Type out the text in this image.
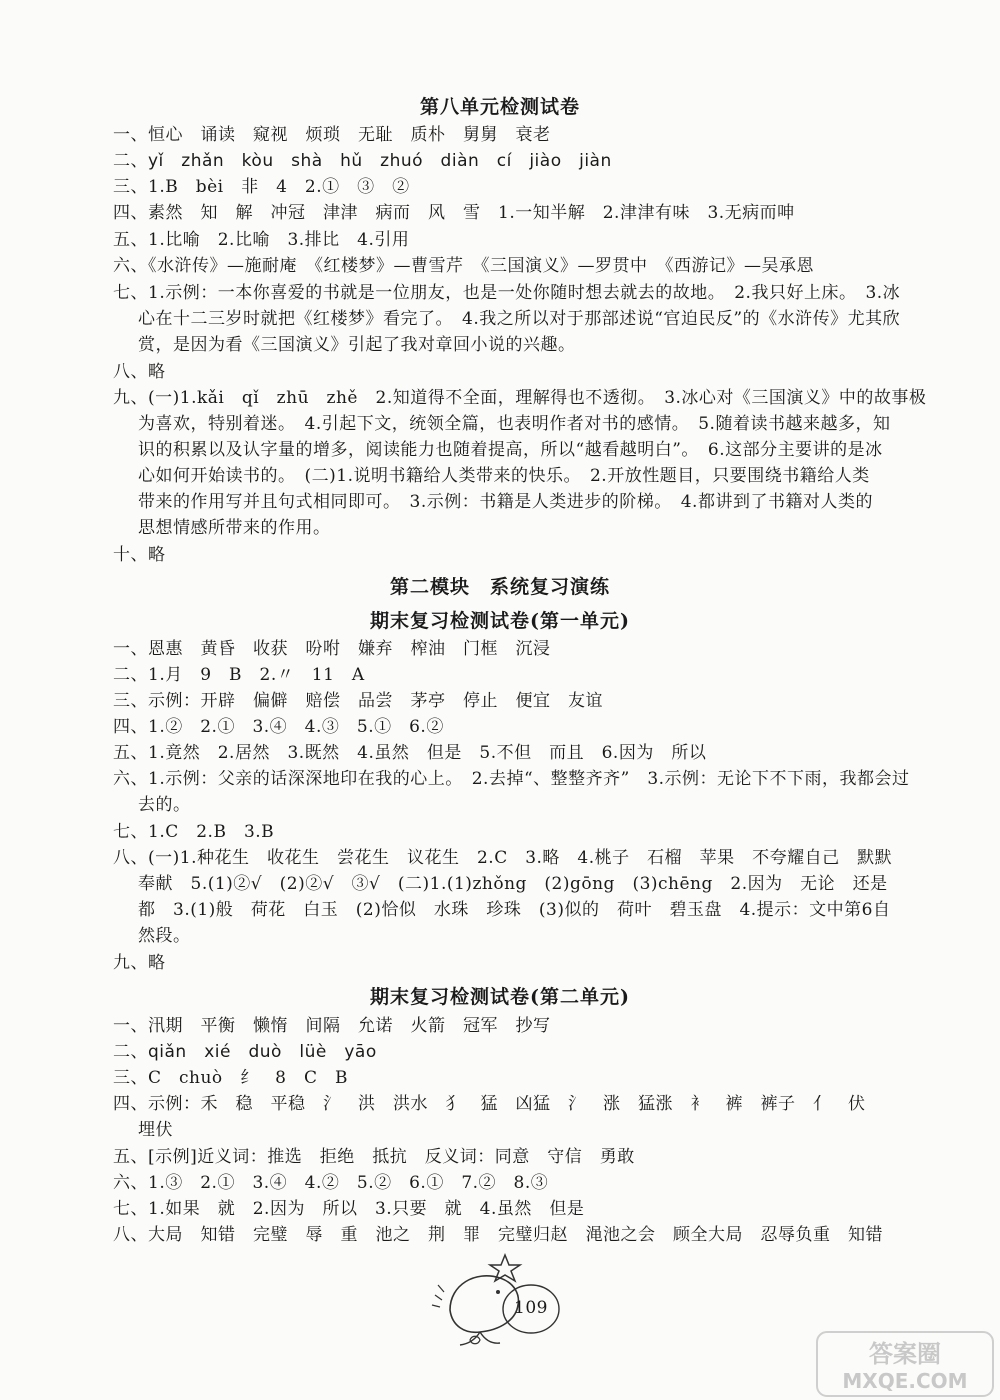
第八单元检测试卷
一、恒心　诵读　窥视　烦琐　无耻　质朴　舅舅　衰老
二、yǐ　zhǎn　kòu　shà　hǔ　zhuó　diàn　cí　jiào　jiàn
三、1.B　bèi　非　4　2.①　③　②
四、素然　知　解　冲冠　津津　病而　风　雪　1.一知半解　2.津津有味　3.无病而呻
五、1.比喻　2.比喻　3.排比　4.引用
六、《水浒传》—施耐庵　《红楼梦》—曹雪芹　《三国演义》—罗贯中　《西游记》—吴承恩
七、1.示例：一本你喜爱的书就是一位朋友，也是一处你随时想去就去的故地。　2.我只好上床。　3.冰
心在十二三岁时就把《红楼梦》看完了。　4.我之所以对于那部述说“官迫民反”的《水浒传》尤其欣
赏，是因为看《三国演义》引起了我对章回小说的兴趣。
八、略
九、(一)1.kǎi　qǐ　zhū　zhě　2.知道得不全面，理解得也不透彻。　3.冰心对《三国演义》中的故事极
为喜欢，特别着迷。　4.引起下文，统领全篇，也表明作者对书的感情。　5.随着读书越来越多，知
识的积累以及认字量的增多，阅读能力也随着提高，所以“越看越明白”。　6.这部分主要讲的是冰
心如何开始读书的。　(二)1.说明书籍给人类带来的快乐。　2.开放性题目，只要围绕书籍给人类
带来的作用写并且句式相同即可。　3.示例：书籍是人类进步的阶梯。　4.都讲到了书籍对人类的
思想情感所带来的作用。
十、略
第二模块　系统复习演练
期末复习检测试卷(第一单元)
一、恩惠　黄昏　收获　吩咐　嫌弃　榨油　门框　沉浸
二、1.月　9　B　2.〃　11　A
三、示例：开辟　偏僻　赔偿　品尝　茅亭　停止　便宜　友谊
四、1.②　2.①　3.④　4.③　5.①　6.②
五、1.竟然　2.居然　3.既然　4.虽然　但是　5.不但　而且　6.因为　所以
六、1.示例：父亲的话深深地印在我的心上。　2.去掉“、整整齐齐”　3.示例：无论下不下雨，我都会过
去的。
七、1.C　2.B　3.B
八、(一)1.种花生　收花生　尝花生　议花生　2.C　3.略　4.桃子　石榴　苹果　不夸耀自己　默默
奉献　5.(1)②√　(2)②√　③√　(二)1.(1)zhǒng　(2)gōng　(3)chēng　2.因为　无论　还是
都　3.(1)般　荷花　白玉　(2)恰似　水珠　珍珠　(3)似的　荷叶　碧玉盘　4.提示：文中第6自
然段。
九、略
期末复习检测试卷(第二单元)
一、汛期　平衡　懒惰　间隔　允诺　火箭　冠军　抄写
二、qiǎn　xié　duò　lüè　yāo
三、C　chuò　纟　8　C　B
四、示例：禾　稳　平稳　氵　洪　洪水　犭　猛　凶猛　氵　涨　猛涨　衤　裤　裤子　亻　伏
埋伏
五、[示例]近义词：推选　拒绝　抵抗　反义词：同意　守信　勇敢
六、1.③　2.①　3.④　4.②　5.②　6.①　7.②　8.③
七、1.如果　就　2.因为　所以　3.只要　就　4.虽然　但是
八、大局　知错　完璧　辱　重　池之　荆　罪　完璧归赵　渑池之会　顾全大局　忍辱负重　知错
109
答案圈
MXQE.COM
